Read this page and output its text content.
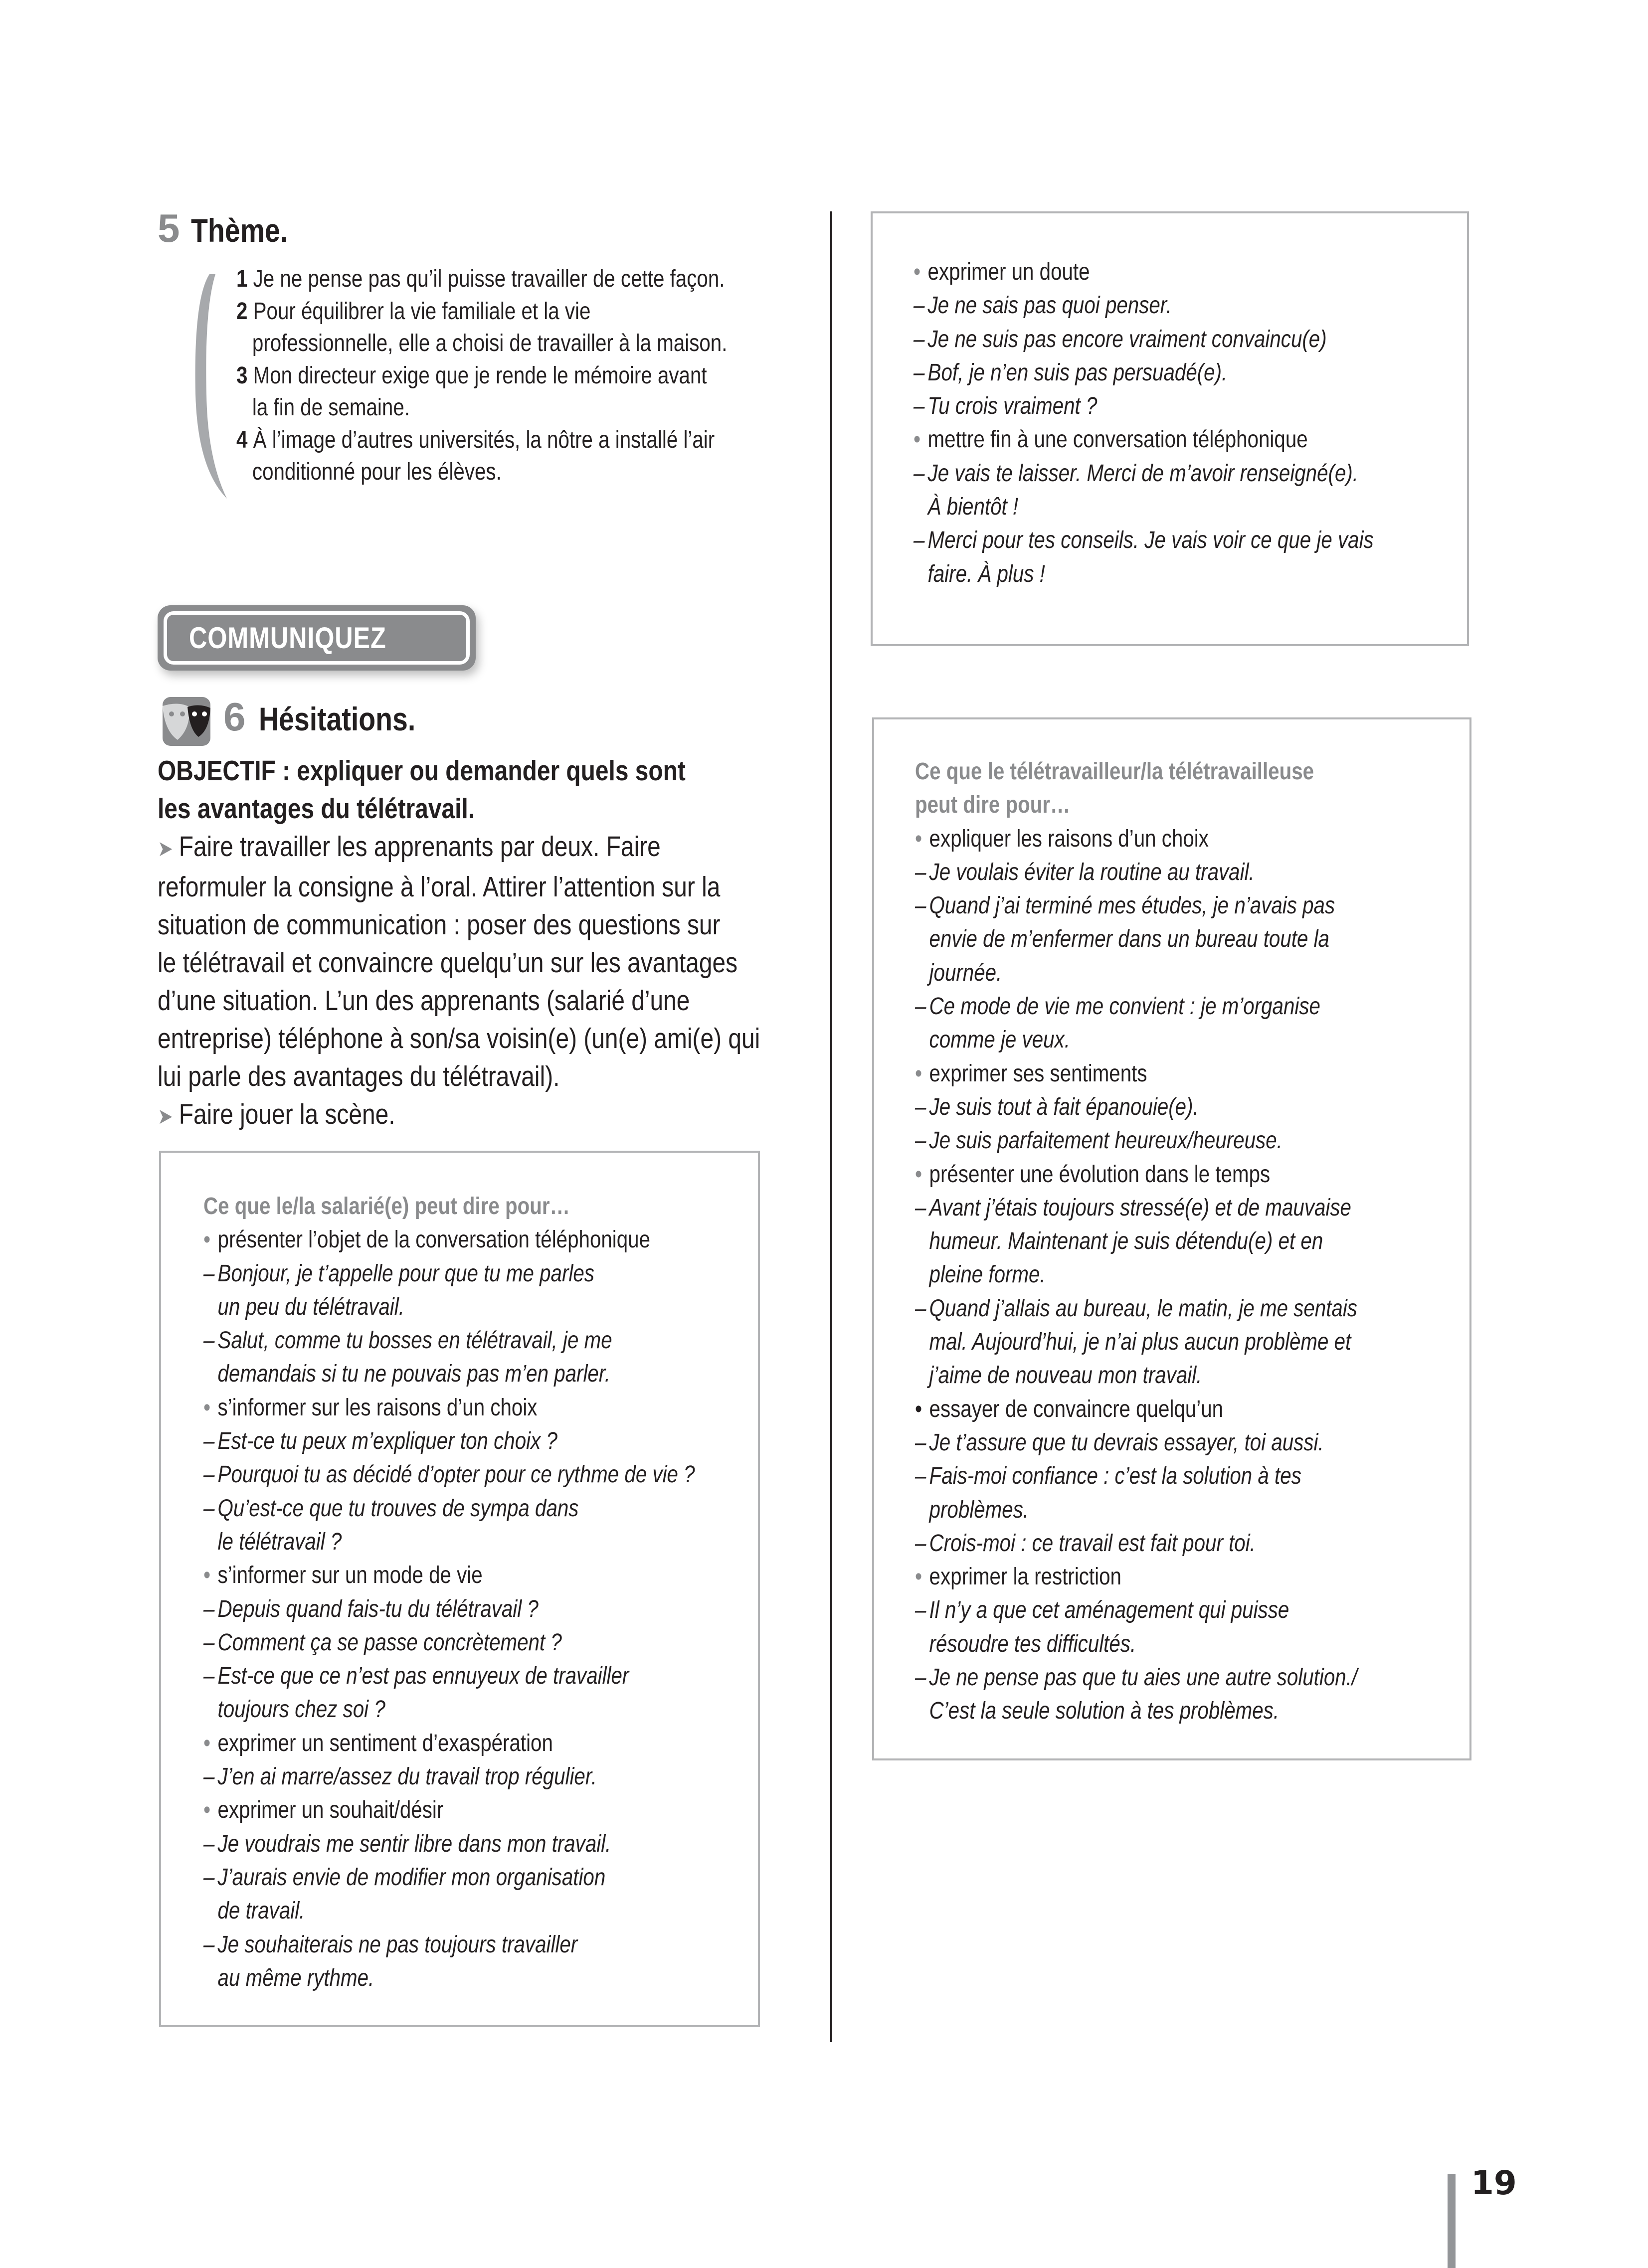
5 Thème.
1 Je ne pense pas qu’il puisse travailler de cette façon.
2 Pour équilibrer la vie familiale et la vie
professionnelle, elle a choisi de travailler à la maison.
3 Mon directeur exige que je rende le mémoire avant
la fin de semaine.
4 À l’image d’autres universités, la nôtre a installé l’air
conditionné pour les élèves.
COMMUNIQUEZ
6 Hésitations.
OBJECTIF : expliquer ou demander quels sont
les avantages du télétravail.
➤ Faire travailler les apprenants par deux. Faire
reformuler la consigne à l’oral. Attirer l’attention sur la
situation de communication : poser des questions sur
le télétravail et convaincre quelqu’un sur les avantages
d’une situation. L’un des apprenants (salarié d’une
entreprise) téléphone à son/sa voisin(e) (un(e) ami(e) qui
lui parle des avantages du télétravail).
➤ Faire jouer la scène.
Ce que le/la salarié(e) peut dire pour…
• présenter l’objet de la conversation téléphonique
– Bonjour, je t’appelle pour que tu me parles
un peu du télétravail.
– Salut, comme tu bosses en télétravail, je me
demandais si tu ne pouvais pas m’en parler.
• s’informer sur les raisons d’un choix
– Est-ce tu peux m’expliquer ton choix ?
– Pourquoi tu as décidé d’opter pour ce rythme de vie ?
– Qu’est-ce que tu trouves de sympa dans
le télétravail ?
• s’informer sur un mode de vie
– Depuis quand fais-tu du télétravail ?
– Comment ça se passe concrètement ?
– Est-ce que ce n’est pas ennuyeux de travailler
toujours chez soi ?
• exprimer un sentiment d’exaspération
– J’en ai marre/assez du travail trop régulier.
• exprimer un souhait/désir
– Je voudrais me sentir libre dans mon travail.
– J’aurais envie de modifier mon organisation
de travail.
– Je souhaiterais ne pas toujours travailler
au même rythme.
• exprimer un doute
– Je ne sais pas quoi penser.
– Je ne suis pas encore vraiment convaincu(e)
– Bof, je n’en suis pas persuadé(e).
– Tu crois vraiment ?
• mettre fin à une conversation téléphonique
– Je vais te laisser. Merci de m’avoir renseigné(e).
À bientôt !
– Merci pour tes conseils. Je vais voir ce que je vais
faire. À plus !
Ce que le télétravailleur/la télétravailleuse
peut dire pour…
• expliquer les raisons d’un choix
– Je voulais éviter la routine au travail.
– Quand j’ai terminé mes études, je n’avais pas
envie de m’enfermer dans un bureau toute la
journée.
– Ce mode de vie me convient : je m’organise
comme je veux.
• exprimer ses sentiments
– Je suis tout à fait épanouie(e).
– Je suis parfaitement heureux/heureuse.
• présenter une évolution dans le temps
– Avant j’étais toujours stressé(e) et de mauvaise
humeur. Maintenant je suis détendu(e) et en
pleine forme.
– Quand j’allais au bureau, le matin, je me sentais
mal. Aujourd’hui, je n’ai plus aucun problème et
j’aime de nouveau mon travail.
• essayer de convaincre quelqu’un
– Je t’assure que tu devrais essayer, toi aussi.
– Fais-moi confiance : c’est la solution à tes
problèmes.
– Crois-moi : ce travail est fait pour toi.
• exprimer la restriction
– Il n’y a que cet aménagement qui puisse
résoudre tes difficultés.
– Je ne pense pas que tu aies une autre solution./
C’est la seule solution à tes problèmes.
19
